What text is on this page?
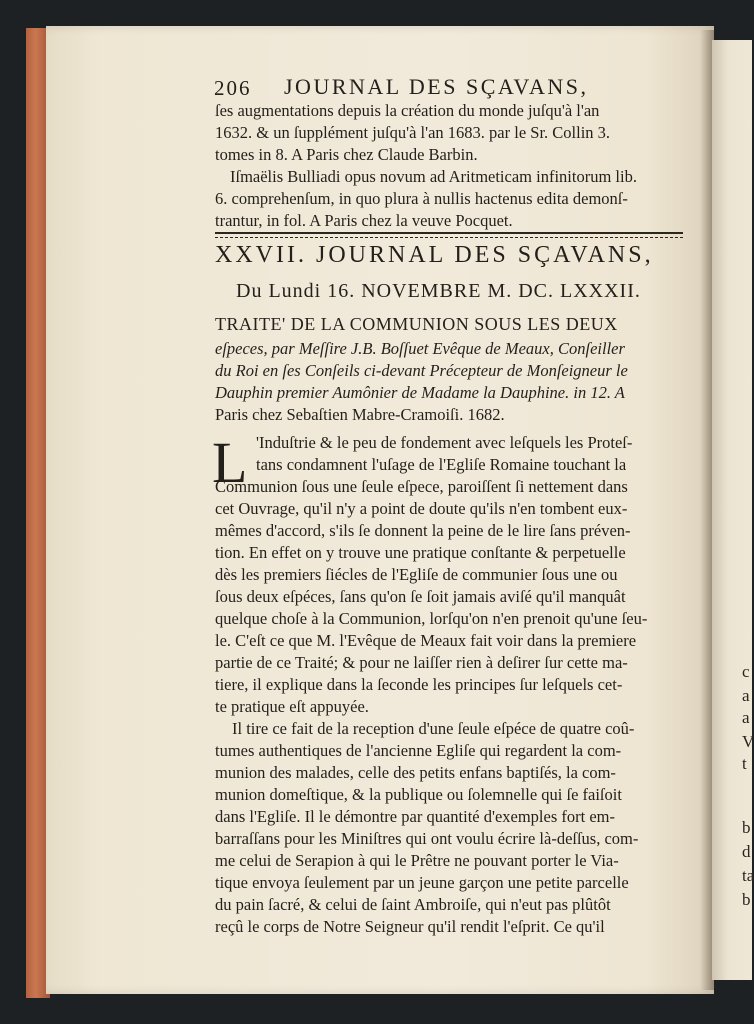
c
a
a
V
t
b
d
ta
b
206 JOURNAL DES SÇAVANS,
ſes augmentations depuis la création du monde juſqu'à l'an
1632. & un ſupplément juſqu'à l'an 1683. par le Sr. Collin 3.
tomes in 8. A Paris chez Claude Barbin.
Iſmaëlis Bulliadi opus novum ad Aritmeticam infinitorum lib.
6. comprehenſum, in quo plura à nullis hactenus edita demonſ-
trantur, in fol. A Paris chez la veuve Pocquet.
XXVII. JOURNAL DES SÇAVANS,
Du Lundi 16. NOVEMBRE M. DC. LXXXII.
TRAITE' DE LA COMMUNION SOUS LES DEUX
eſpeces, par Meſſire J.B. Boſſuet Evêque de Meaux, Conſeiller
du Roi en ſes Conſeils ci-devant Précepteur de Monſeigneur le
Dauphin premier Aumônier de Madame la Dauphine. in 12. A
Paris chez Sebaſtien Mabre-Cramoiſi. 1682.
L 'Induſtrie & le peu de fondement avec leſquels les Proteſ-
tans condamnent l'uſage de l'Egliſe Romaine touchant la
Communion ſous une ſeule eſpece, paroiſſent ſi nettement dans
cet Ouvrage, qu'il n'y a point de doute qu'ils n'en tombent eux-
mêmes d'accord, s'ils ſe donnent la peine de le lire ſans préven-
tion. En effet on y trouve une pratique conſtante & perpetuelle
dès les premiers ſiécles de l'Egliſe de communier ſous une ou
ſous deux eſpéces, ſans qu'on ſe ſoit jamais aviſé qu'il manquât
quelque choſe à la Communion, lorſqu'on n'en prenoit qu'une ſeu-
le. C'eſt ce que M. l'Evêque de Meaux fait voir dans la premiere
partie de ce Traité; & pour ne laiſſer rien à deſirer ſur cette ma-
tiere, il explique dans la ſeconde les principes ſur leſquels cet-
te pratique eſt appuyée.
Il tire ce fait de la reception d'une ſeule eſpéce de quatre coû-
tumes authentiques de l'ancienne Egliſe qui regardent la com-
munion des malades, celle des petits enfans baptiſés, la com-
munion domeſtique, & la publique ou ſolemnelle qui ſe faiſoit
dans l'Egliſe. Il le démontre par quantité d'exemples fort em-
barraſſans pour les Miniſtres qui ont voulu écrire là-deſſus, com-
me celui de Serapion à qui le Prêtre ne pouvant porter le Via-
tique envoya ſeulement par un jeune garçon une petite parcelle
du pain ſacré, & celui de ſaint Ambroiſe, qui n'eut pas plûtôt
reçû le corps de Notre Seigneur qu'il rendit l'eſprit. Ce qu'il
